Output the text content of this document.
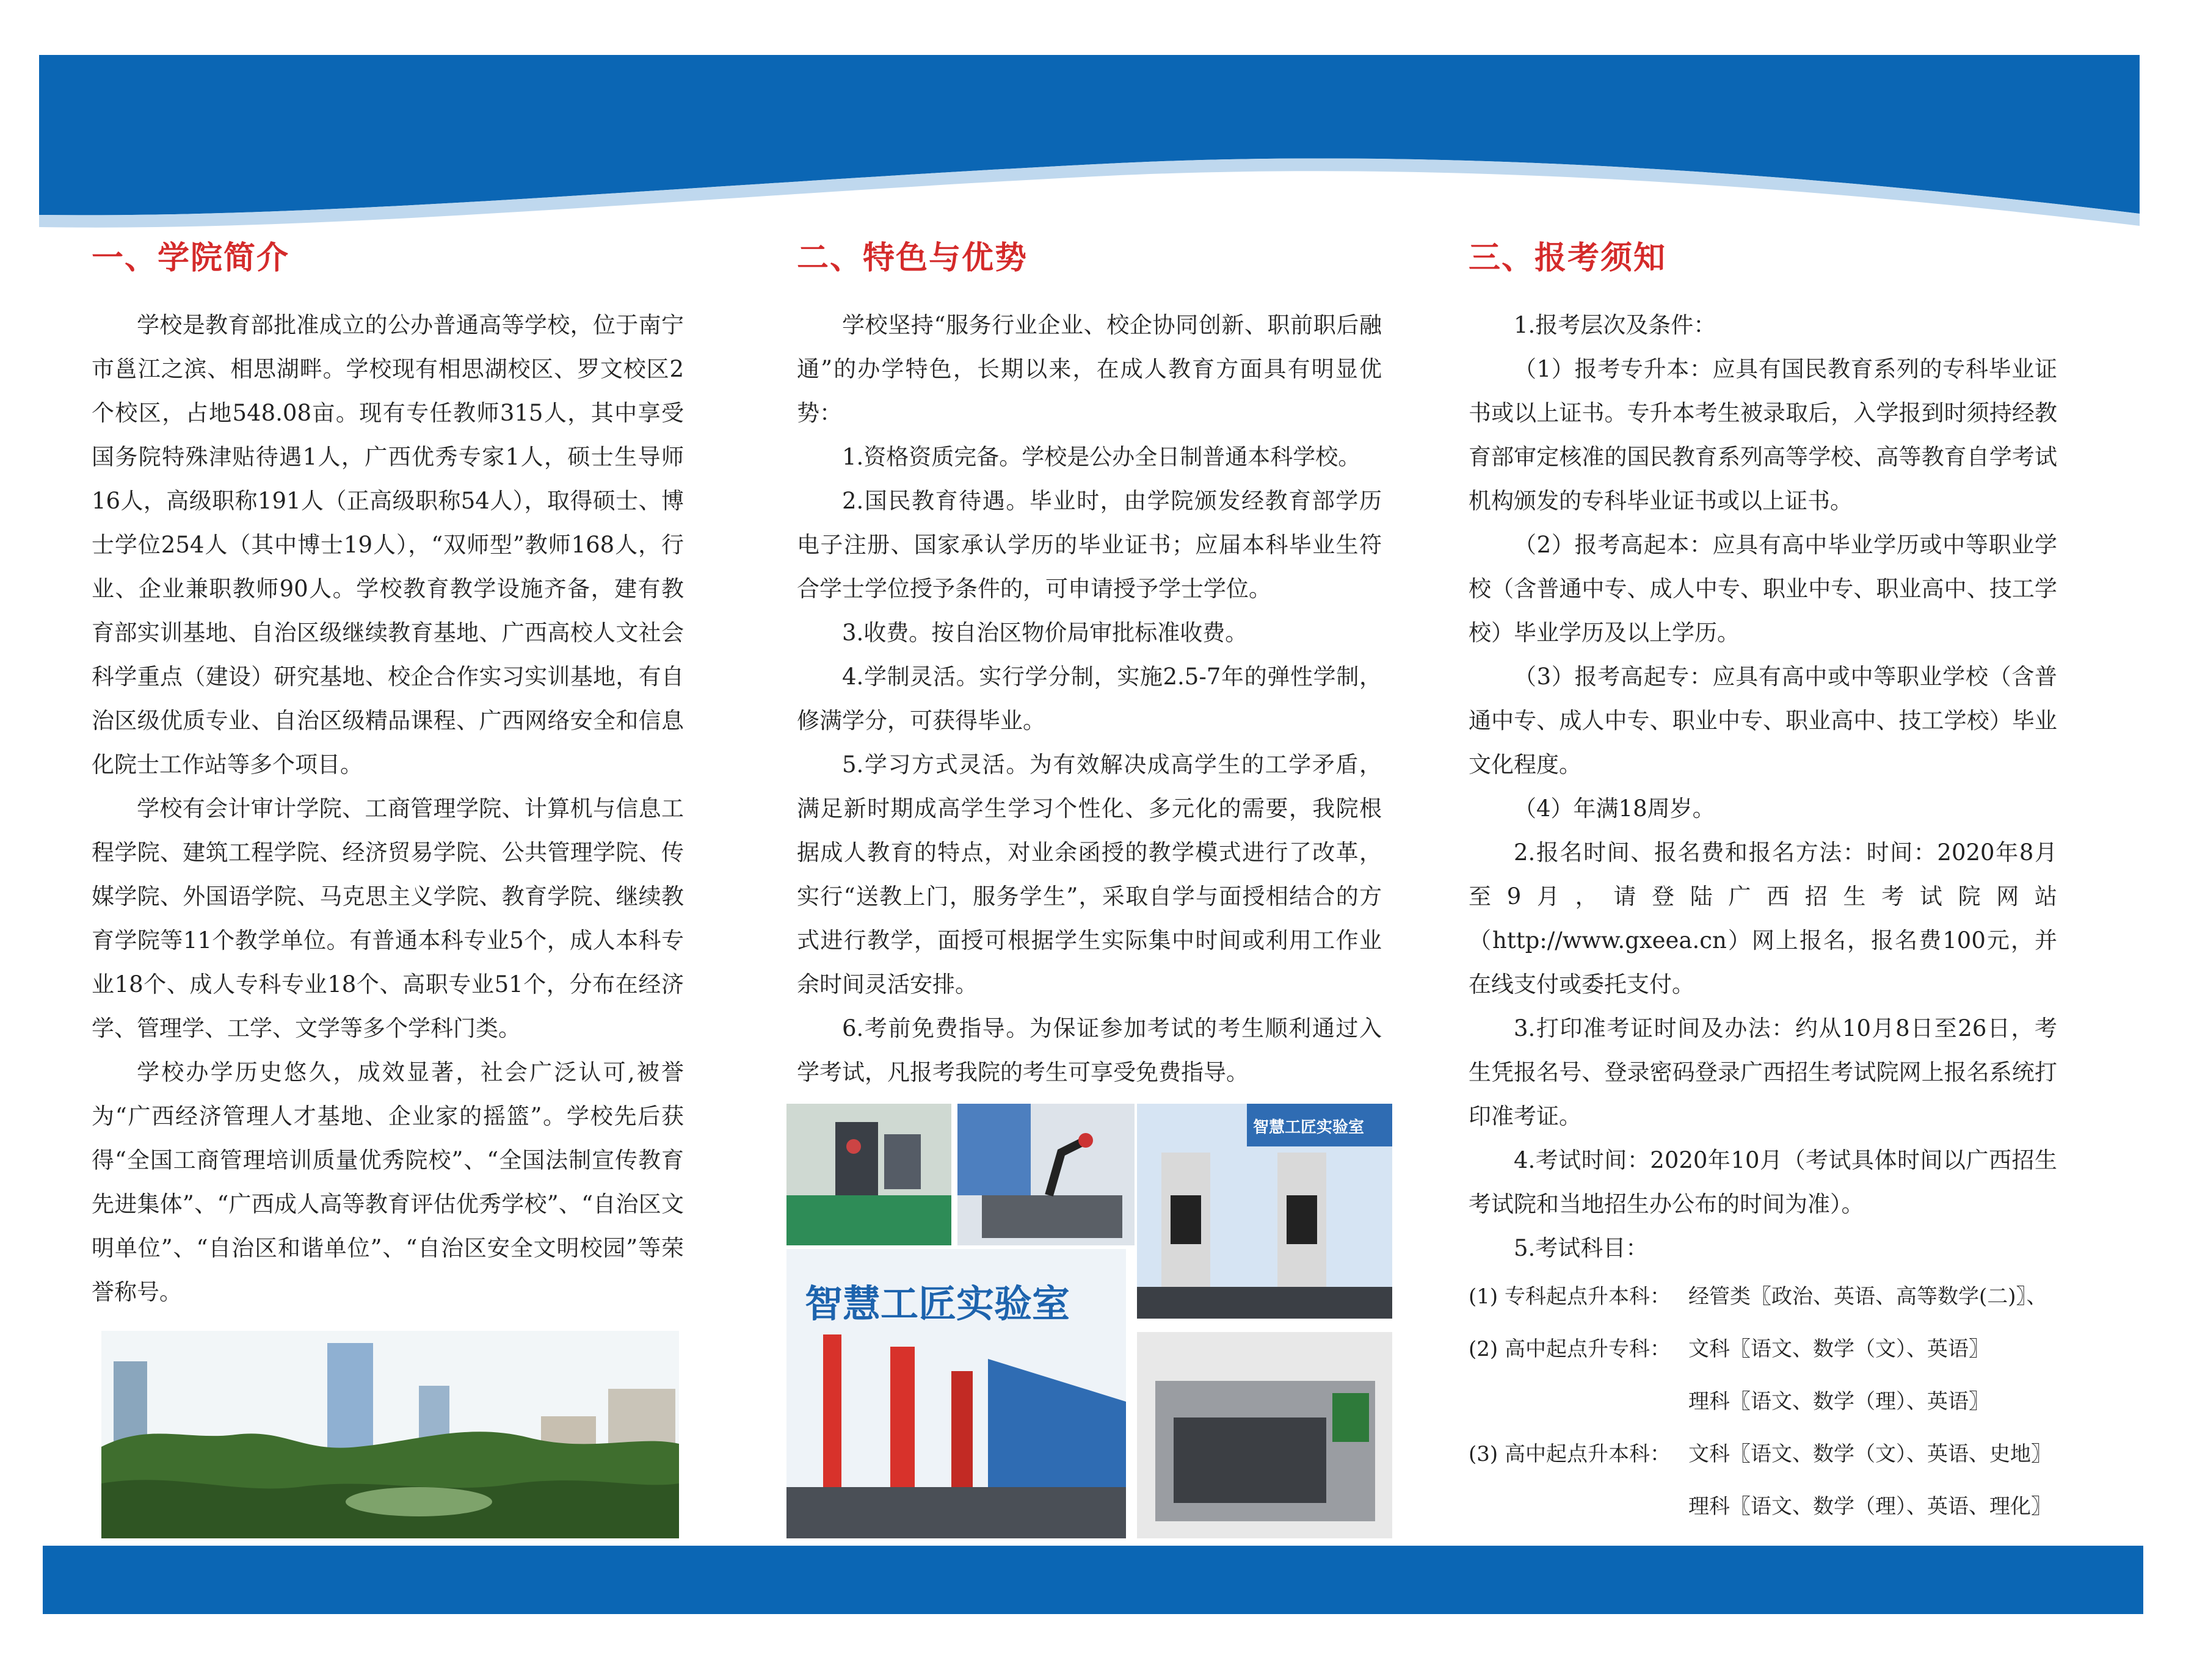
一、学院简介

学校是教育部批准成立的公办普通高等学校，位于南宁市邕江之滨、相思湖畔。学校现有相思湖校区、罗文校区2个校区，占地548.08亩。现有专任教师315人，其中享受国务院特殊津贴待遇1人，广西优秀专家1人，硕士生导师16人，高级职称191人（正高级职称54人），取得硕士、博士学位254人（其中博士19人），“双师型”教师168人，行业、企业兼职教师90人。学校教育教学设施齐备，建有教育部实训基地、自治区级继续教育基地、广西高校人文社会科学重点（建设）研究基地、校企合作实习实训基地，有自治区级优质专业、自治区级精品课程、广西网络安全和信息化院士工作站等多个项目。

学校有会计审计学院、工商管理学院、计算机与信息工程学院、建筑工程学院、经济贸易学院、公共管理学院、传媒学院、外国语学院、马克思主义学院、教育学院、继续教育学院等11个教学单位。有普通本科专业5个，成人本科专业18个、成人专科专业18个、高职专业51个，分布在经济学、管理学、工学、文学等多个学科门类。

学校办学历史悠久，成效显著，社会广泛认可,被誉为“广西经济管理人才基地、企业家的摇篮”。学校先后获得“全国工商管理培训质量优秀院校”、“全国法制宣传教育先进集体”、“广西成人高等教育评估优秀学校”、“自治区文明单位”、“自治区和谐单位”、“自治区安全文明校园”等荣誉称号。

二、特色与优势

学校坚持“服务行业企业、校企协同创新、职前职后融通”的办学特色，长期以来，在成人教育方面具有明显优势：

1.资格资质完备。学校是公办全日制普通本科学校。

2.国民教育待遇。毕业时，由学院颁发经教育部学历电子注册、国家承认学历的毕业证书；应届本科毕业生符合学士学位授予条件的，可申请授予学士学位。

3.收费。按自治区物价局审批标准收费。

4.学制灵活。实行学分制，实施2.5-7年的弹性学制，修满学分，可获得毕业。

5.学习方式灵活。为有效解决成高学生的工学矛盾，满足新时期成高学生学习个性化、多元化的需要，我院根据成人教育的特点，对业余函授的教学模式进行了改革，实行“送教上门，服务学生”，采取自学与面授相结合的方式进行教学，面授可根据学生实际集中时间或利用工作业余时间灵活安排。

6.考前免费指导。为保证参加考试的考生顺利通过入学考试，凡报考我院的考生可享受免费指导。

智慧工匠实验室
智慧工匠实验室
三、报考须知

1.报考层次及条件：

（1）报考专升本：应具有国民教育系列的专科毕业证书或以上证书。专升本考生被录取后，入学报到时须持经教育部审定核准的国民教育系列高等学校、高等教育自学考试机构颁发的专科毕业证书或以上证书。

（2）报考高起本：应具有高中毕业学历或中等职业学校（含普通中专、成人中专、职业中专、职业高中、技工学校）毕业学历及以上学历。

（3）报考高起专：应具有高中或中等职业学校（含普通中专、成人中专、职业中专、职业高中、技工学校）毕业文化程度。

（4）年满18周岁。

2.报名时间、报名费和报名方法：时间：2020年8月至9月，请登陆广西招生考试院网站（http://www.gxeea.cn）网上报名，报名费100元，并在线支付或委托支付。

3.打印准考证时间及办法：约从10月8日至26日，考生凭报名号、登录密码登录广西招生考试院网上报名系统打印准考证。

4.考试时间：2020年10月（考试具体时间以广西招生考试院和当地招生办公布的时间为准）。

5.考试科目：

(1) 专科起点升本科： 经管类〖政治、英语、高等数学(二)〗、
(2) 高中起点升专科： 文科〖语文、数学（文）、英语〗
理科〖语文、数学（理）、英语〗
(3) 高中起点升本科： 文科〖语文、数学（文）、英语、史地〗
理科〖语文、数学（理）、英语、理化〗
